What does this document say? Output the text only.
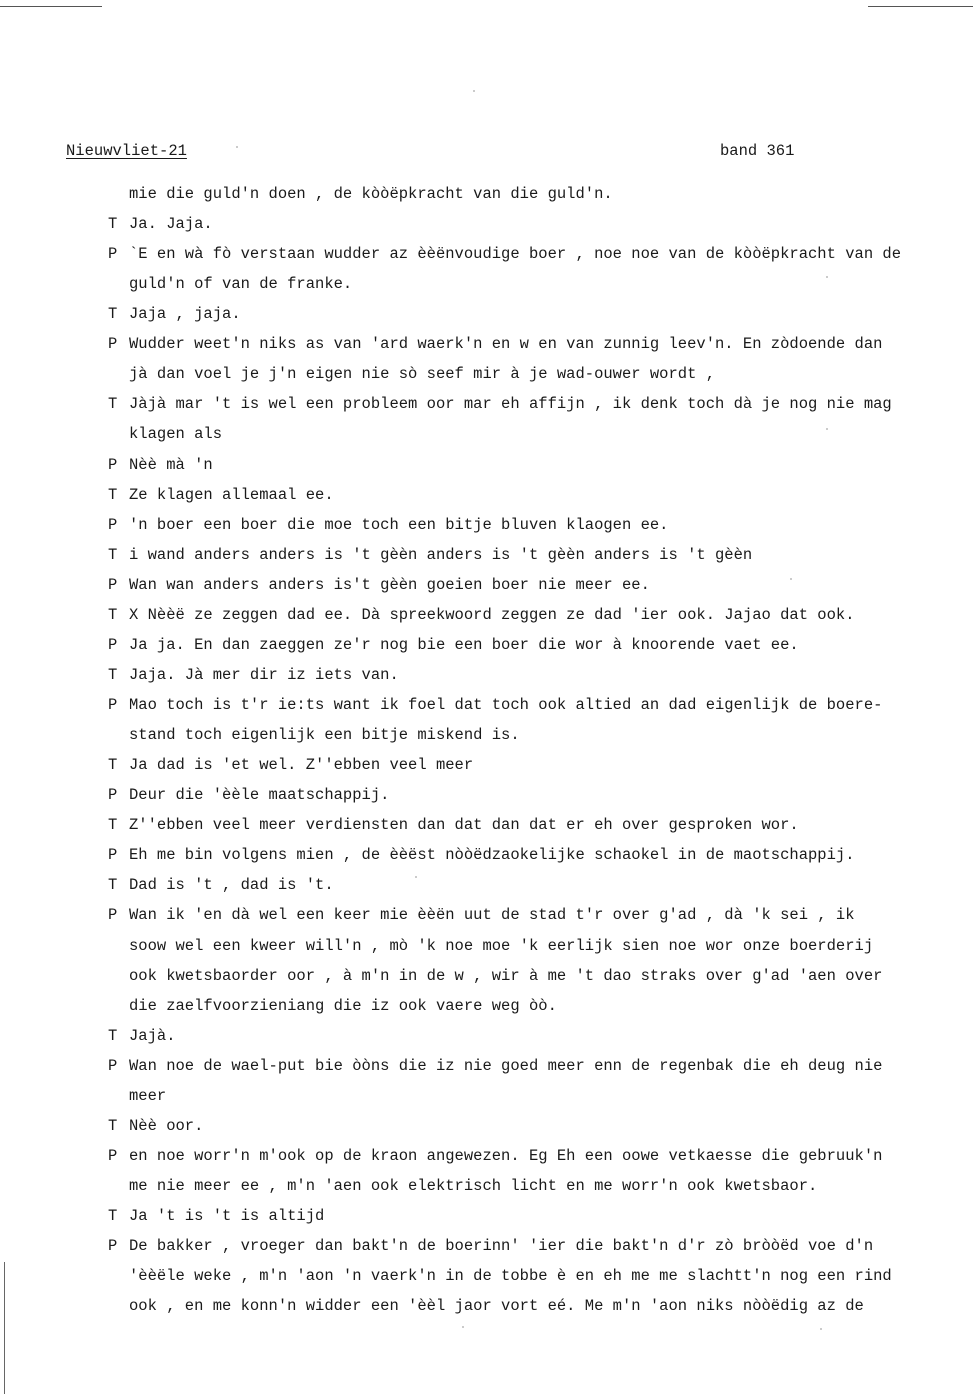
Nieuwvliet-21	band 361
mie die guld'n doen , de kòòëpkracht van die guld'n.
T Ja. Jaja.
P `E en wà fò verstaan wudder az èèënvoudige boer , noe noe van de kòòëpkracht van de
guld'n of van de franke.
T Jaja , jaja.
P Wudder weet'n niks as van 'ard waerk'n en w en van zunnig leev'n. En zòdoende dan
jà dan voel je j'n eigen nie sò seef mir à je wad-ouwer wordt ,
T Jàjà mar 't is wel een probleem oor mar eh affijn , ik denk toch dà je nog nie mag
klagen als
P Nèè mà 'n
T Ze klagen allemaal ee.
P 'n boer een boer die moe toch een bitje bluven klaogen ee.
T i wand anders anders is 't gèèn anders is 't gèèn anders is 't gèèn
P Wan wan anders anders is't gèèn goeien boer nie meer ee.
T X Nèèë ze zeggen dad ee. Dà spreekwoord zeggen ze dad 'ier ook. Jajao dat ook.
P Ja ja. En dan zaeggen ze'r nog bie een boer die wor à knoorende vaet ee.
T Jaja. Jà mer dir iz iets van.
P Mao toch is t'r ie:ts want ik foel dat toch ook altied an dad eigenlijk de boere-
stand toch eigenlijk een bitje miskend is.
T Ja dad is 'et wel. Z''ebben veel meer
P Deur die 'èèle maatschappij.
T Z''ebben veel meer verdiensten dan dat dan dat er eh over gesproken wor.
P Eh me bin volgens mien , de èèëst nòòëdzaokelijke schaokel in de maotschappij.
T Dad is 't , dad is 't.
P Wan ik 'en dà wel een keer mie èèën uut de stad t'r over g'ad , dà 'k sei , ik
soow wel een kweer will'n , mò 'k noe moe 'k eerlijk sien noe wor onze boerderij
ook kwetsbaorder oor , à m'n in de w , wir à me 't dao straks over g'ad 'aen over
die zaelfvoorzieniang die iz ook vaere weg òò.
T Jajà.
P Wan noe de wael-put bie òòns die iz nie goed meer enn de regenbak die eh deug nie
meer
T Nèè oor.
P en noe worr'n m'ook op de kraon angewezen. Eg Eh een oowe vetkaesse die gebruuk'n
me nie meer ee , m'n 'aen ook elektrisch licht en me worr'n ook kwetsbaor.
T Ja 't is 't is altijd
P De bakker , vroeger dan bakt'n de boerinn' 'ier die bakt'n d'r zò bròòëd voe d'n
'èèële weke , m'n 'aon 'n vaerk'n in de tobbe è en eh me me slachtt'n nog een rind
ook , en me konn'n widder een 'èèl jaor vort eé. Me m'n 'aon niks nòòëdig az de
